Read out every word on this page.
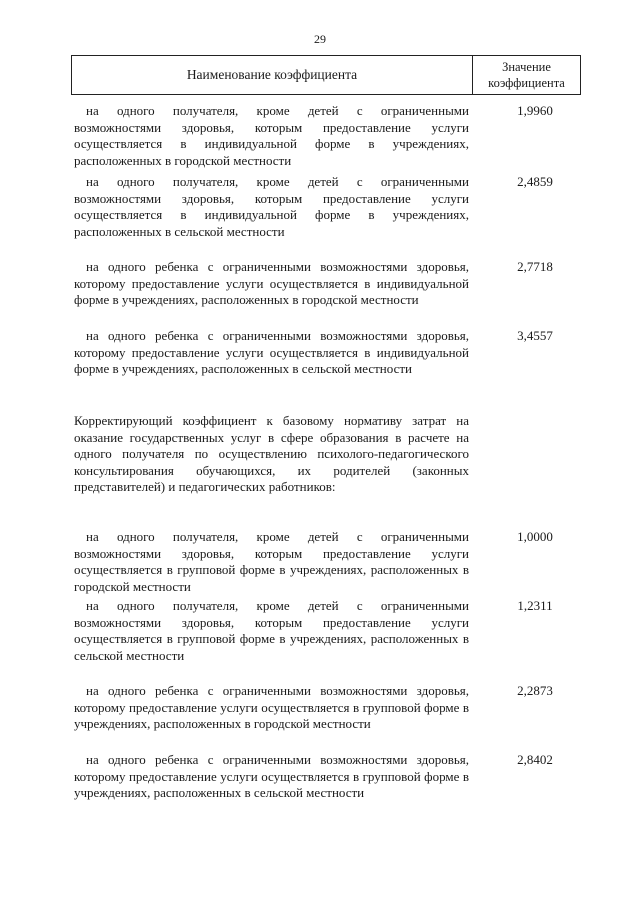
29
Наименование коэффициента	Значение
коэффициента

на одного получателя, кроме детей с ограниченными возможностями здоровья, которым предоставление услуги осуществляется в индивидуальной форме в учреждениях, расположенных в городской местности

1,9960

на одного получателя, кроме детей с ограниченными возможностями здоровья, которым предоставление услуги осуществляется в индивидуальной форме в учреждениях, расположенных в сельской местности

2,4859

на одного ребенка с ограниченными возможностями здоровья, которому предоставление услуги осуществляется в индивидуальной форме в учреждениях, расположенных в городской местности

2,7718

на одного ребенка с ограниченными возможностями здоровья, которому предоставление услуги осуществляется в индивидуальной форме в учреждениях, расположенных в сельской местности

3,4557

Корректирующий коэффициент к базовому нормативу затрат на оказание государственных услуг в сфере образования в расчете на одного получателя по осуществлению психолого-педагогического консультирования обучающихся, их родителей (законных представителей) и педагогических работников:

на одного получателя, кроме детей с ограниченными возможностями здоровья, которым предоставление услуги осуществляется в групповой форме в учреждениях, расположенных в городской местности

1,0000

на одного получателя, кроме детей с ограниченными возможностями здоровья, которым предоставление услуги осуществляется в групповой форме в учреждениях, расположенных в сельской местности

1,2311

на одного ребенка с ограниченными возможностями здоровья, которому предоставление услуги осуществляется в групповой форме в учреждениях, расположенных в городской местности

2,2873

на одного ребенка с ограниченными возможностями здоровья, которому предоставление услуги осуществляется в групповой форме в учреждениях, расположенных в сельской местности

2,8402
